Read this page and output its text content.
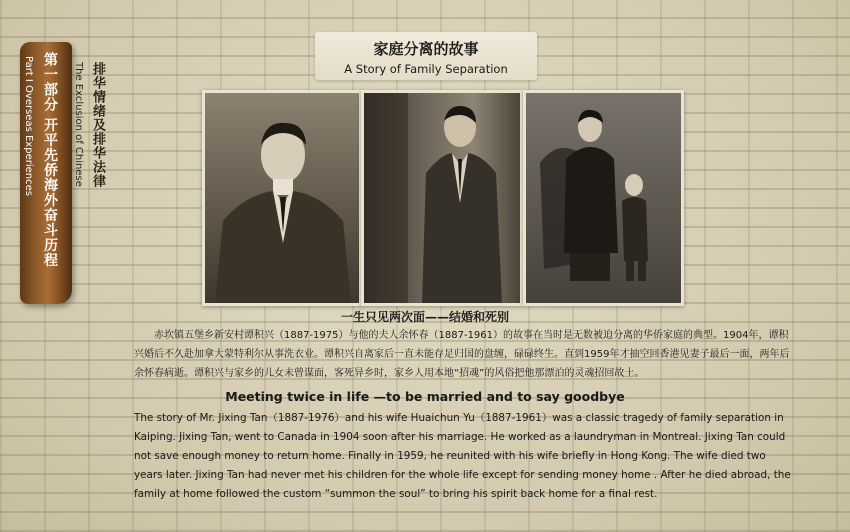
第一部分 开平先侨海外奋斗历程
Part I Overseas Experiences	排华情绪及排华法律
The Exclusion of Chinese
家庭分离的故事
A Story of Family Separation
一生只见两次面——结婚和死别
赤坎镇五堡乡新安村谭积兴（1887-1975）与他的夫人余怀春（1887-1961）的故事在当时是无数被迫分离的华侨家庭的典型。1904年，谭积兴婚后不久赴加拿大蒙特利尔从事洗衣业。谭积兴自离家后一直未能存足归国的盘缠，碌碌终生。直到1959年才抽空回香港见妻子最后一面，两年后余怀春病逝。谭积兴与家乡的儿女未曾谋面，客死异乡时，家乡人用本地“招魂”的风俗把他那漂泊的灵魂招回故土。
Meeting twice in life —to be married and to say goodbye
The story of Mr. Jixing Tan（1887-1976）and his wife Huaichun Yu（1887-1961）was a classic tragedy of family separation in Kaiping. Jixing Tan, went to Canada in 1904 soon after his marriage. He worked as a laundryman in Montreal. Jixing Tan could not save enough money to return home. Finally in 1959, he reunited with his wife briefly in Hong Kong. The wife died two years later. Jixing Tan had never met his children for the whole life except for sending money home . After he died abroad, the family at home followed the custom “summon the soul” to bring his spirit back home for a final rest.
